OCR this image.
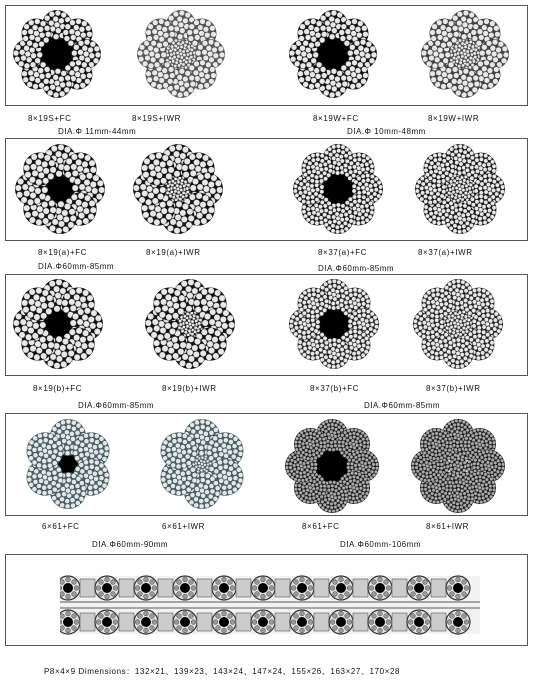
8×19S+FC	8×19S+IWR	8×19W+FC	8×19W+IWR
DIA.Φ 11mm-44mm	DIA.Φ 10mm-48mm
8×19(a)+FC	8×19(a)+IWR	8×37(a)+FC	8×37(a)+IWR
DIA.Φ60mm-85mm	DIA.Φ60mm-85mm
8×19(b)+FC	8×19(b)+IWR	8×37(b)+FC	8×37(b)+IWR
DIA.Φ60mm-85mm	DIA.Φ60mm-85mm
6×61+FC	6×61+IWR	8×61+FC	8×61+IWR
DIA.Φ60mm-90mm	DIA.Φ60mm-106mm
P8×4×9 Dimensions：132×21、139×23、143×24、147×24、155×26、163×27、170×28
